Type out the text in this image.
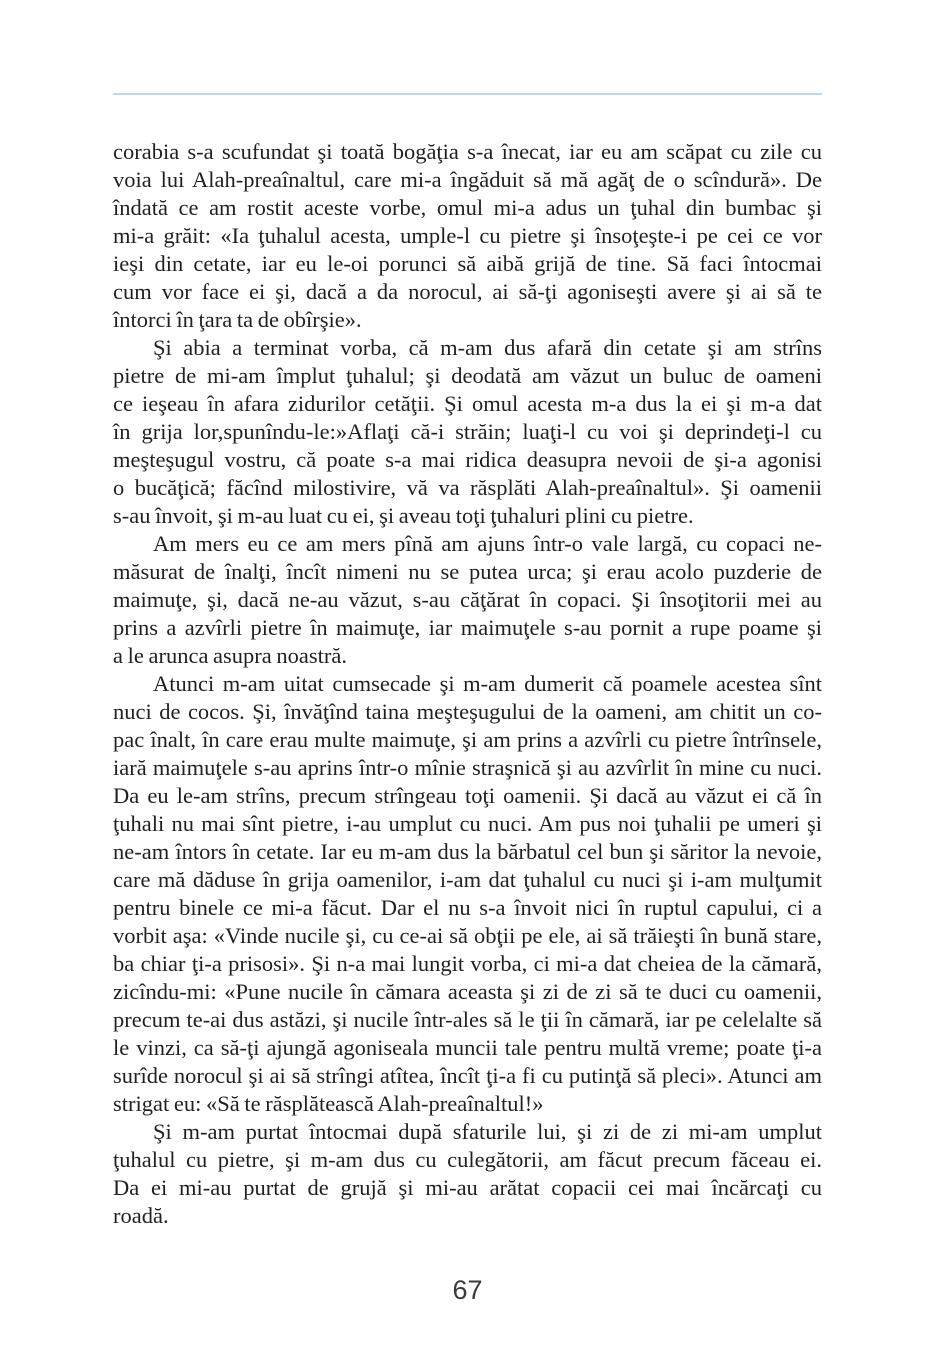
corabia s-a scufundat şi toată bogăţia s-a înecat, iar eu am scăpat cu zile cu
voia lui Alah-preaînaltul, care mi-a îngăduit să mă agăţ de o scîndură». De
îndată ce am rostit aceste vorbe, omul mi-a adus un ţuhal din bumbac şi
mi-a grăit: «Ia ţuhalul acesta, umple-l cu pietre şi însoţeşte-i pe cei ce vor
ieşi din cetate, iar eu le-oi porunci să aibă grijă de tine. Să faci întocmai
cum vor face ei şi, dacă a da norocul, ai să-ţi agoniseşti avere şi ai să te
întorci în ţara ta de obîrşie».
Şi abia a terminat vorba, că m-am dus afară din cetate şi am strîns
pietre de mi-am împlut ţuhalul; şi deodată am văzut un buluc de oameni
ce ieşeau în afara zidurilor cetăţii. Şi omul acesta m-a dus la ei şi m-a dat
în grija lor,spunîndu-le:»Aflaţi că-i străin; luaţi-l cu voi şi deprindeţi-l cu
meşteşugul vostru, că poate s-a mai ridica deasupra nevoii de şi-a agonisi
o bucăţică; făcînd milostivire, vă va răsplăti Alah-preaînaltul». Şi oamenii
s-au învoit, şi m-au luat cu ei, şi aveau toţi ţuhaluri plini cu pietre.
Am mers eu ce am mers pînă am ajuns într-o vale largă, cu copaci ne-
măsurat de înalţi, încît nimeni nu se putea urca; şi erau acolo puzderie de
maimuţe, şi, dacă ne-au văzut, s-au căţărat în copaci. Şi însoţitorii mei au
prins a azvîrli pietre în maimuţe, iar maimuţele s-au pornit a rupe poame şi
a le arunca asupra noastră.
Atunci m-am uitat cumsecade şi m-am dumerit că poamele acestea sînt
nuci de cocos. Şi, învăţînd taina meşteşugului de la oameni, am chitit un co-
pac înalt, în care erau multe maimuţe, şi am prins a azvîrli cu pietre întrînsele,
iară maimuţele s-au aprins într-o mînie straşnică şi au azvîrlit în mine cu nuci.
Da eu le-am strîns, precum strîngeau toţi oamenii. Şi dacă au văzut ei că în
ţuhali nu mai sînt pietre, i-au umplut cu nuci. Am pus noi ţuhalii pe umeri şi
ne-am întors în cetate. Iar eu m-am dus la bărbatul cel bun şi săritor la nevoie,
care mă dăduse în grija oamenilor, i-am dat ţuhalul cu nuci şi i-am mulţumit
pentru binele ce mi-a făcut. Dar el nu s-a învoit nici în ruptul capului, ci a
vorbit aşa: «Vinde nucile şi, cu ce-ai să obţii pe ele, ai să trăieşti în bună stare,
ba chiar ţi-a prisosi». Şi n-a mai lungit vorba, ci mi-a dat cheiea de la cămară,
zicîndu-mi: «Pune nucile în cămara aceasta şi zi de zi să te duci cu oamenii,
precum te-ai dus astăzi, şi nucile într-ales să le ţii în cămară, iar pe celelalte să
le vinzi, ca să-ţi ajungă agoniseala muncii tale pentru multă vreme; poate ţi-a
surîde norocul şi ai să strîngi atîtea, încît ţi-a fi cu putinţă să pleci». Atunci am
strigat eu: «Să te răsplătească Alah-preaînaltul!»
Şi m-am purtat întocmai după sfaturile lui, şi zi de zi mi-am umplut
ţuhalul cu pietre, şi m-am dus cu culegătorii, am făcut precum făceau ei.
Da ei mi-au purtat de grujă şi mi-au arătat copacii cei mai încărcaţi cu
roadă.
67
